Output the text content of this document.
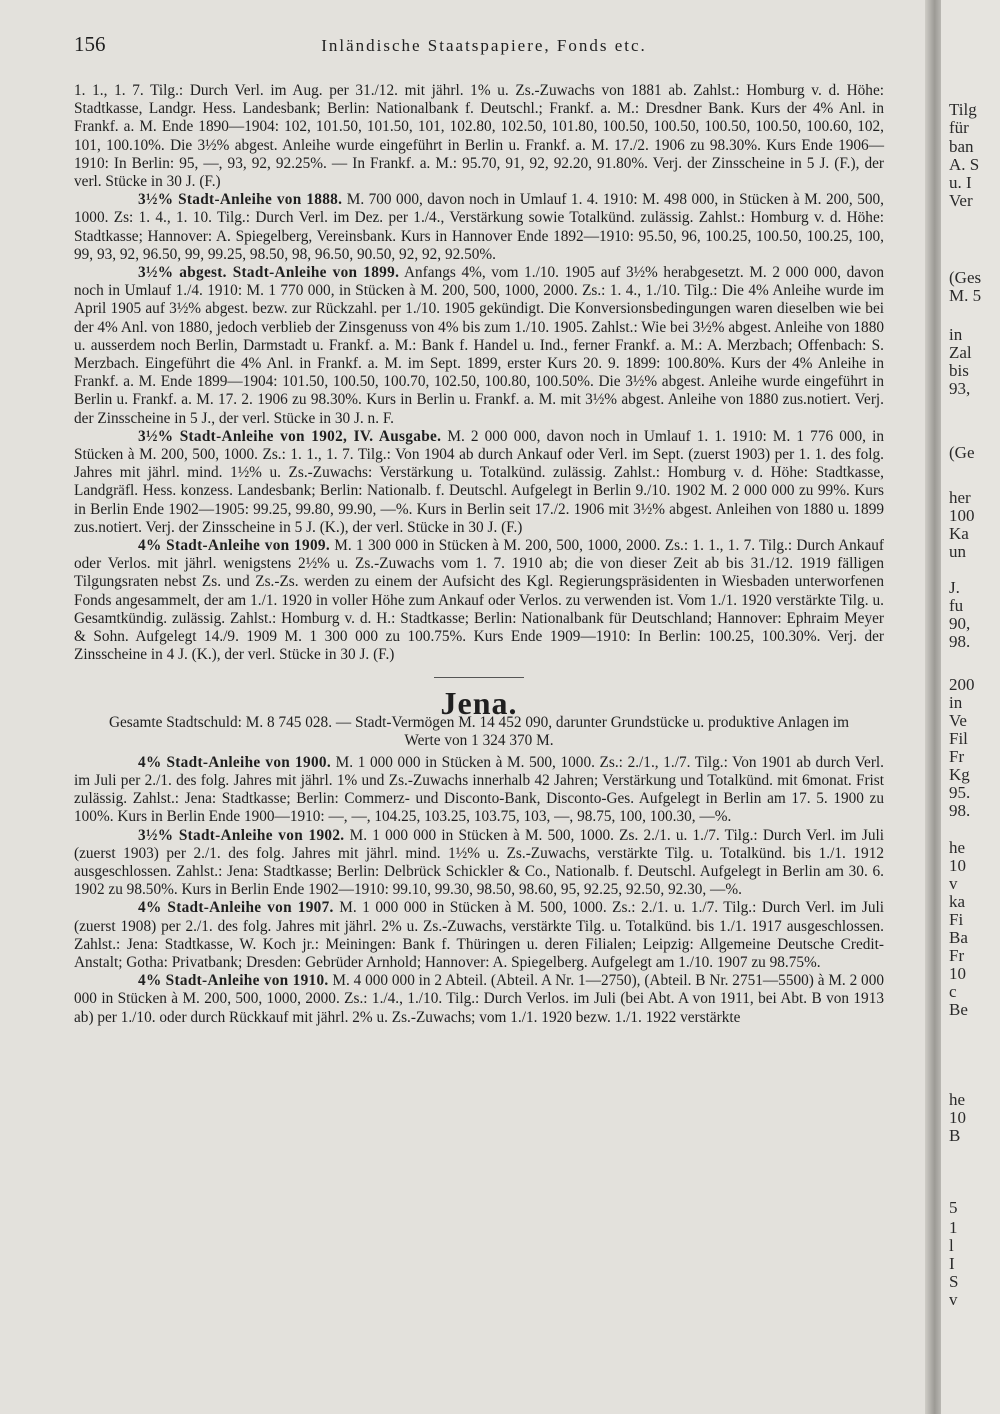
156	Inländische Staatspapiere, Fonds etc.

1. 1., 1. 7. Tilg.: Durch Verl. im Aug. per 31./12. mit jährl. 1% u. Zs.-Zuwachs von 1881 ab. Zahlst.: Homburg v. d. Höhe: Stadtkasse, Landgr. Hess. Landesbank; Berlin: Nationalbank f. Deutschl.; Frankf. a. M.: Dresdner Bank. Kurs der 4% Anl. in Frankf. a. M. Ende 1890—1904: 102, 101.50, 101.50, 101, 102.80, 102.50, 101.80, 100.50, 100.50, 100.50, 100.50, 100.60, 102, 101, 100.10%. Die 3½% abgest. Anleihe wurde eingeführt in Berlin u. Frankf. a. M. 17./2. 1906 zu 98.30%. Kurs Ende 1906—1910: In Berlin: 95, —, 93, 92, 92.25%. — In Frankf. a. M.: 95.70, 91, 92, 92.20, 91.80%. Verj. der Zinsscheine in 5 J. (F.), der verl. Stücke in 30 J. (F.)

3½% Stadt-Anleihe von 1888. M. 700 000, davon noch in Umlauf 1. 4. 1910: M. 498 000, in Stücken à M. 200, 500, 1000. Zs: 1. 4., 1. 10. Tilg.: Durch Verl. im Dez. per 1./4., Verstärkung sowie Totalkünd. zulässig. Zahlst.: Homburg v. d. Höhe: Stadtkasse; Hannover: A. Spiegelberg, Vereinsbank. Kurs in Hannover Ende 1892—1910: 95.50, 96, 100.25, 100.50, 100.25, 100, 99, 93, 92, 96.50, 99, 99.25, 98.50, 98, 96.50, 90.50, 92, 92, 92.50%.

3½% abgest. Stadt-Anleihe von 1899. Anfangs 4%, vom 1./10. 1905 auf 3½% herabgesetzt. M. 2 000 000, davon noch in Umlauf 1./4. 1910: M. 1 770 000, in Stücken à M. 200, 500, 1000, 2000. Zs.: 1. 4., 1./10. Tilg.: Die 4% Anleihe wurde im April 1905 auf 3½% abgest. bezw. zur Rückzahl. per 1./10. 1905 gekündigt. Die Konversionsbedingungen waren dieselben wie bei der 4% Anl. von 1880, jedoch verblieb der Zinsgenuss von 4% bis zum 1./10. 1905. Zahlst.: Wie bei 3½% abgest. Anleihe von 1880 u. ausserdem noch Berlin, Darmstadt u. Frankf. a. M.: Bank f. Handel u. Ind., ferner Frankf. a. M.: A. Merzbach; Offenbach: S. Merzbach. Eingeführt die 4% Anl. in Frankf. a. M. im Sept. 1899, erster Kurs 20. 9. 1899: 100.80%. Kurs der 4% Anleihe in Frankf. a. M. Ende 1899—1904: 101.50, 100.50, 100.70, 102.50, 100.80, 100.50%. Die 3½% abgest. Anleihe wurde eingeführt in Berlin u. Frankf. a. M. 17. 2. 1906 zu 98.30%. Kurs in Berlin u. Frankf. a. M. mit 3½% abgest. Anleihe von 1880 zus.notiert. Verj. der Zinsscheine in 5 J., der verl. Stücke in 30 J. n. F.

3½% Stadt-Anleihe von 1902, IV. Ausgabe. M. 2 000 000, davon noch in Umlauf 1. 1. 1910: M. 1 776 000, in Stücken à M. 200, 500, 1000. Zs.: 1. 1., 1. 7. Tilg.: Von 1904 ab durch Ankauf oder Verl. im Sept. (zuerst 1903) per 1. 1. des folg. Jahres mit jährl. mind. 1½% u. Zs.-Zuwachs: Verstärkung u. Totalkünd. zulässig. Zahlst.: Homburg v. d. Höhe: Stadtkasse, Landgräfl. Hess. konzess. Landesbank; Berlin: Nationalb. f. Deutschl. Aufgelegt in Berlin 9./10. 1902 M. 2 000 000 zu 99%. Kurs in Berlin Ende 1902—1905: 99.25, 99.80, 99.90, —%. Kurs in Berlin seit 17./2. 1906 mit 3½% abgest. Anleihen von 1880 u. 1899 zus.notiert. Verj. der Zinsscheine in 5 J. (K.), der verl. Stücke in 30 J. (F.)

4% Stadt-Anleihe von 1909. M. 1 300 000 in Stücken à M. 200, 500, 1000, 2000. Zs.: 1. 1., 1. 7. Tilg.: Durch Ankauf oder Verlos. mit jährl. wenigstens 2½% u. Zs.-Zuwachs vom 1. 7. 1910 ab; die von dieser Zeit ab bis 31./12. 1919 fälligen Tilgungsraten nebst Zs. und Zs.-Zs. werden zu einem der Aufsicht des Kgl. Regierungspräsidenten in Wiesbaden unterworfenen Fonds angesammelt, der am 1./1. 1920 in voller Höhe zum Ankauf oder Verlos. zu verwenden ist. Vom 1./1. 1920 verstärkte Tilg. u. Gesamtkündig. zulässig. Zahlst.: Homburg v. d. H.: Stadtkasse; Berlin: Nationalbank für Deutschland; Hannover: Ephraim Meyer & Sohn. Aufgelegt 14./9. 1909 M. 1 300 000 zu 100.75%. Kurs Ende 1909—1910: In Berlin: 100.25, 100.30%. Verj. der Zinsscheine in 4 J. (K.), der verl. Stücke in 30 J. (F.)

Jena.

Gesamte Stadtschuld: M. 8 745 028. — Stadt-Vermögen M. 14 452 090, darunter Grundstücke u. produktive Anlagen im Werte von 1 324 370 M.

4% Stadt-Anleihe von 1900. M. 1 000 000 in Stücken à M. 500, 1000. Zs.: 2./1., 1./7. Tilg.: Von 1901 ab durch Verl. im Juli per 2./1. des folg. Jahres mit jährl. 1% und Zs.-Zuwachs innerhalb 42 Jahren; Verstärkung und Totalkünd. mit 6monat. Frist zulässig. Zahlst.: Jena: Stadtkasse; Berlin: Commerz- und Disconto-Bank, Disconto-Ges. Aufgelegt in Berlin am 17. 5. 1900 zu 100%. Kurs in Berlin Ende 1900—1910: —, —, 104.25, 103.25, 103.75, 103, —, 98.75, 100, 100.30, —%.

3½% Stadt-Anleihe von 1902. M. 1 000 000 in Stücken à M. 500, 1000. Zs. 2./1. u. 1./7. Tilg.: Durch Verl. im Juli (zuerst 1903) per 2./1. des folg. Jahres mit jährl. mind. 1½% u. Zs.-Zuwachs, verstärkte Tilg. u. Totalkünd. bis 1./1. 1912 ausgeschlossen. Zahlst.: Jena: Stadtkasse; Berlin: Delbrück Schickler & Co., Nationalb. f. Deutschl. Aufgelegt in Berlin am 30. 6. 1902 zu 98.50%. Kurs in Berlin Ende 1902—1910: 99.10, 99.30, 98.50, 98.60, 95, 92.25, 92.50, 92.30, —%.

4% Stadt-Anleihe von 1907. M. 1 000 000 in Stücken à M. 500, 1000. Zs.: 2./1. u. 1./7. Tilg.: Durch Verl. im Juli (zuerst 1908) per 2./1. des folg. Jahres mit jährl. 2% u. Zs.-Zuwachs, verstärkte Tilg. u. Totalkünd. bis 1./1. 1917 ausgeschlossen. Zahlst.: Jena: Stadtkasse, W. Koch jr.: Meiningen: Bank f. Thüringen u. deren Filialen; Leipzig: Allgemeine Deutsche Credit-Anstalt; Gotha: Privatbank; Dresden: Gebrüder Arnhold; Hannover: A. Spiegelberg. Aufgelegt am 1./10. 1907 zu 98.75%.

4% Stadt-Anleihe von 1910. M. 4 000 000 in 2 Abteil. (Abteil. A Nr. 1—2750), (Abteil. B Nr. 2751—5500) à M. 2 000 000 in Stücken à M. 200, 500, 1000, 2000. Zs.: 1./4., 1./10. Tilg.: Durch Verlos. im Juli (bei Abt. A von 1911, bei Abt. B von 1913 ab) per 1./10. oder durch Rückkauf mit jährl. 2% u. Zs.-Zuwachs; vom 1./1. 1920 bezw. 1./1. 1922 verstärkte

Tilg
für
ban
A. S
u. I
Ver
(Ges
M. 5
in
Zal
bis
93,
(Ge
her
100
Ka
un
J.
fu
90,
98.
200
in
Ve
Fil
Fr
Kg
95.
98.
he
10
v
ka
Fi
Ba
Fr
10
c
Be
he
10
B
5
1
l
I
S
v
